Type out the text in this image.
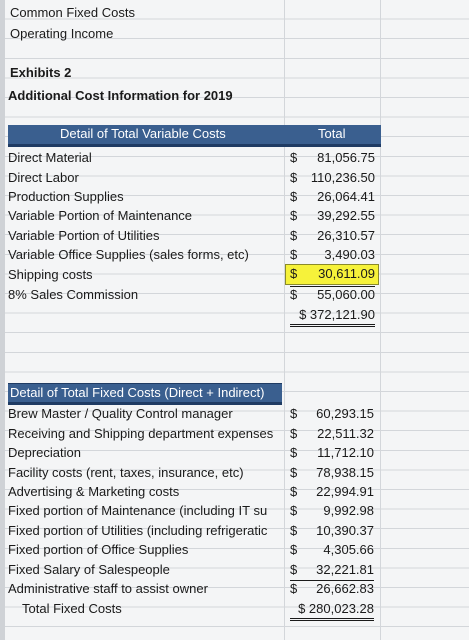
Common Fixed Costs
Operating Income
Exhibits 2
Additional Cost Information for 2019
Detail of Total Variable Costs	Total
Direct Material	$ 81,056.75
Direct Labor	$ 110,236.50
Production Supplies	$ 26,064.41
Variable Portion of Maintenance	$ 39,292.55
Variable Portion of Utilities	$ 26,310.57
Variable Office Supplies (sales forms, etc)	$ 3,490.03
Shipping costs	$ 30,611.09
8% Sales Commission	$ 55,060.00
$ 372,121.90
Detail of Total Fixed Costs (Direct + Indirect)
Brew Master / Quality Control manager	$ 60,293.15
Receiving and Shipping department expenses $ 22,511.32
Depreciation	$ 11,712.10
Facility costs (rent, taxes, insurance, etc)	$ 78,938.15
Advertising & Marketing costs	$ 22,994.91
Fixed portion of Maintenance (including IT su	$ 9,992.98
Fixed portion of Utilities (including refrigeratic	$ 10,390.37
Fixed portion of Office Supplies	$ 4,305.66
Fixed Salary of Salespeople	$ 32,221.81
Administrative staff to assist owner	$ 26,662.83
Total Fixed Costs	$ 280,023.28
